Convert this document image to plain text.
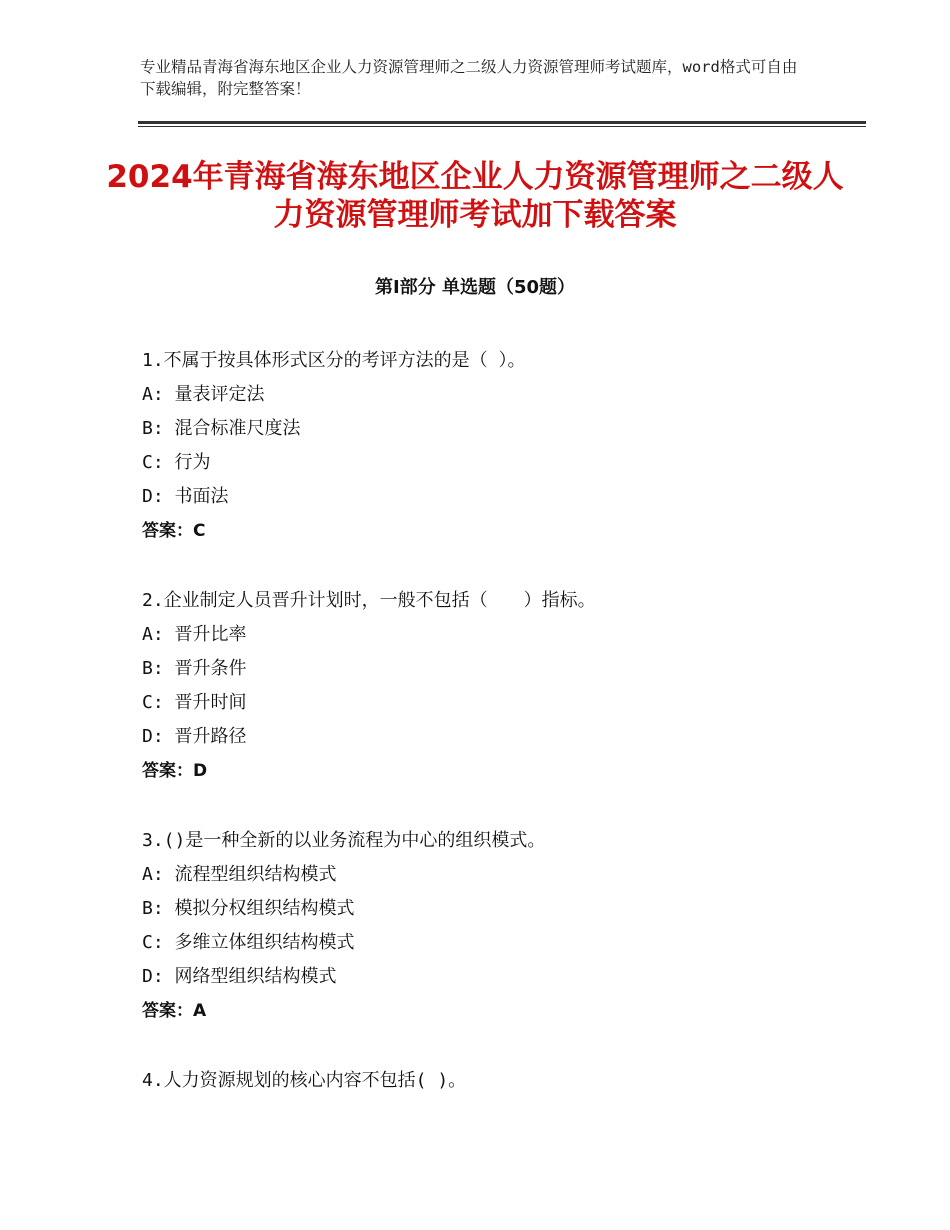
专业精品青海省海东地区企业人力资源管理师之二级人力资源管理师考试题库，word格式可自由下载编辑，附完整答案！

2024年青海省海东地区企业人力资源管理师之二级人力资源管理师考试加下载答案
第Ⅰ部分 单选题（50题）

1.不属于按具体形式区分的考评方法的是（ ）。

A: 量表评定法

B: 混合标准尺度法

C: 行为

D: 书面法

答案：C

2.企业制定人员晋升计划时，一般不包括（　　）指标。

A: 晋升比率

B: 晋升条件

C: 晋升时间

D: 晋升路径

答案：D

3.()是一种全新的以业务流程为中心的组织模式。

A: 流程型组织结构模式

B: 模拟分权组织结构模式

C: 多维立体组织结构模式

D: 网络型组织结构模式

答案：A

4.人力资源规划的核心内容不包括( )。
